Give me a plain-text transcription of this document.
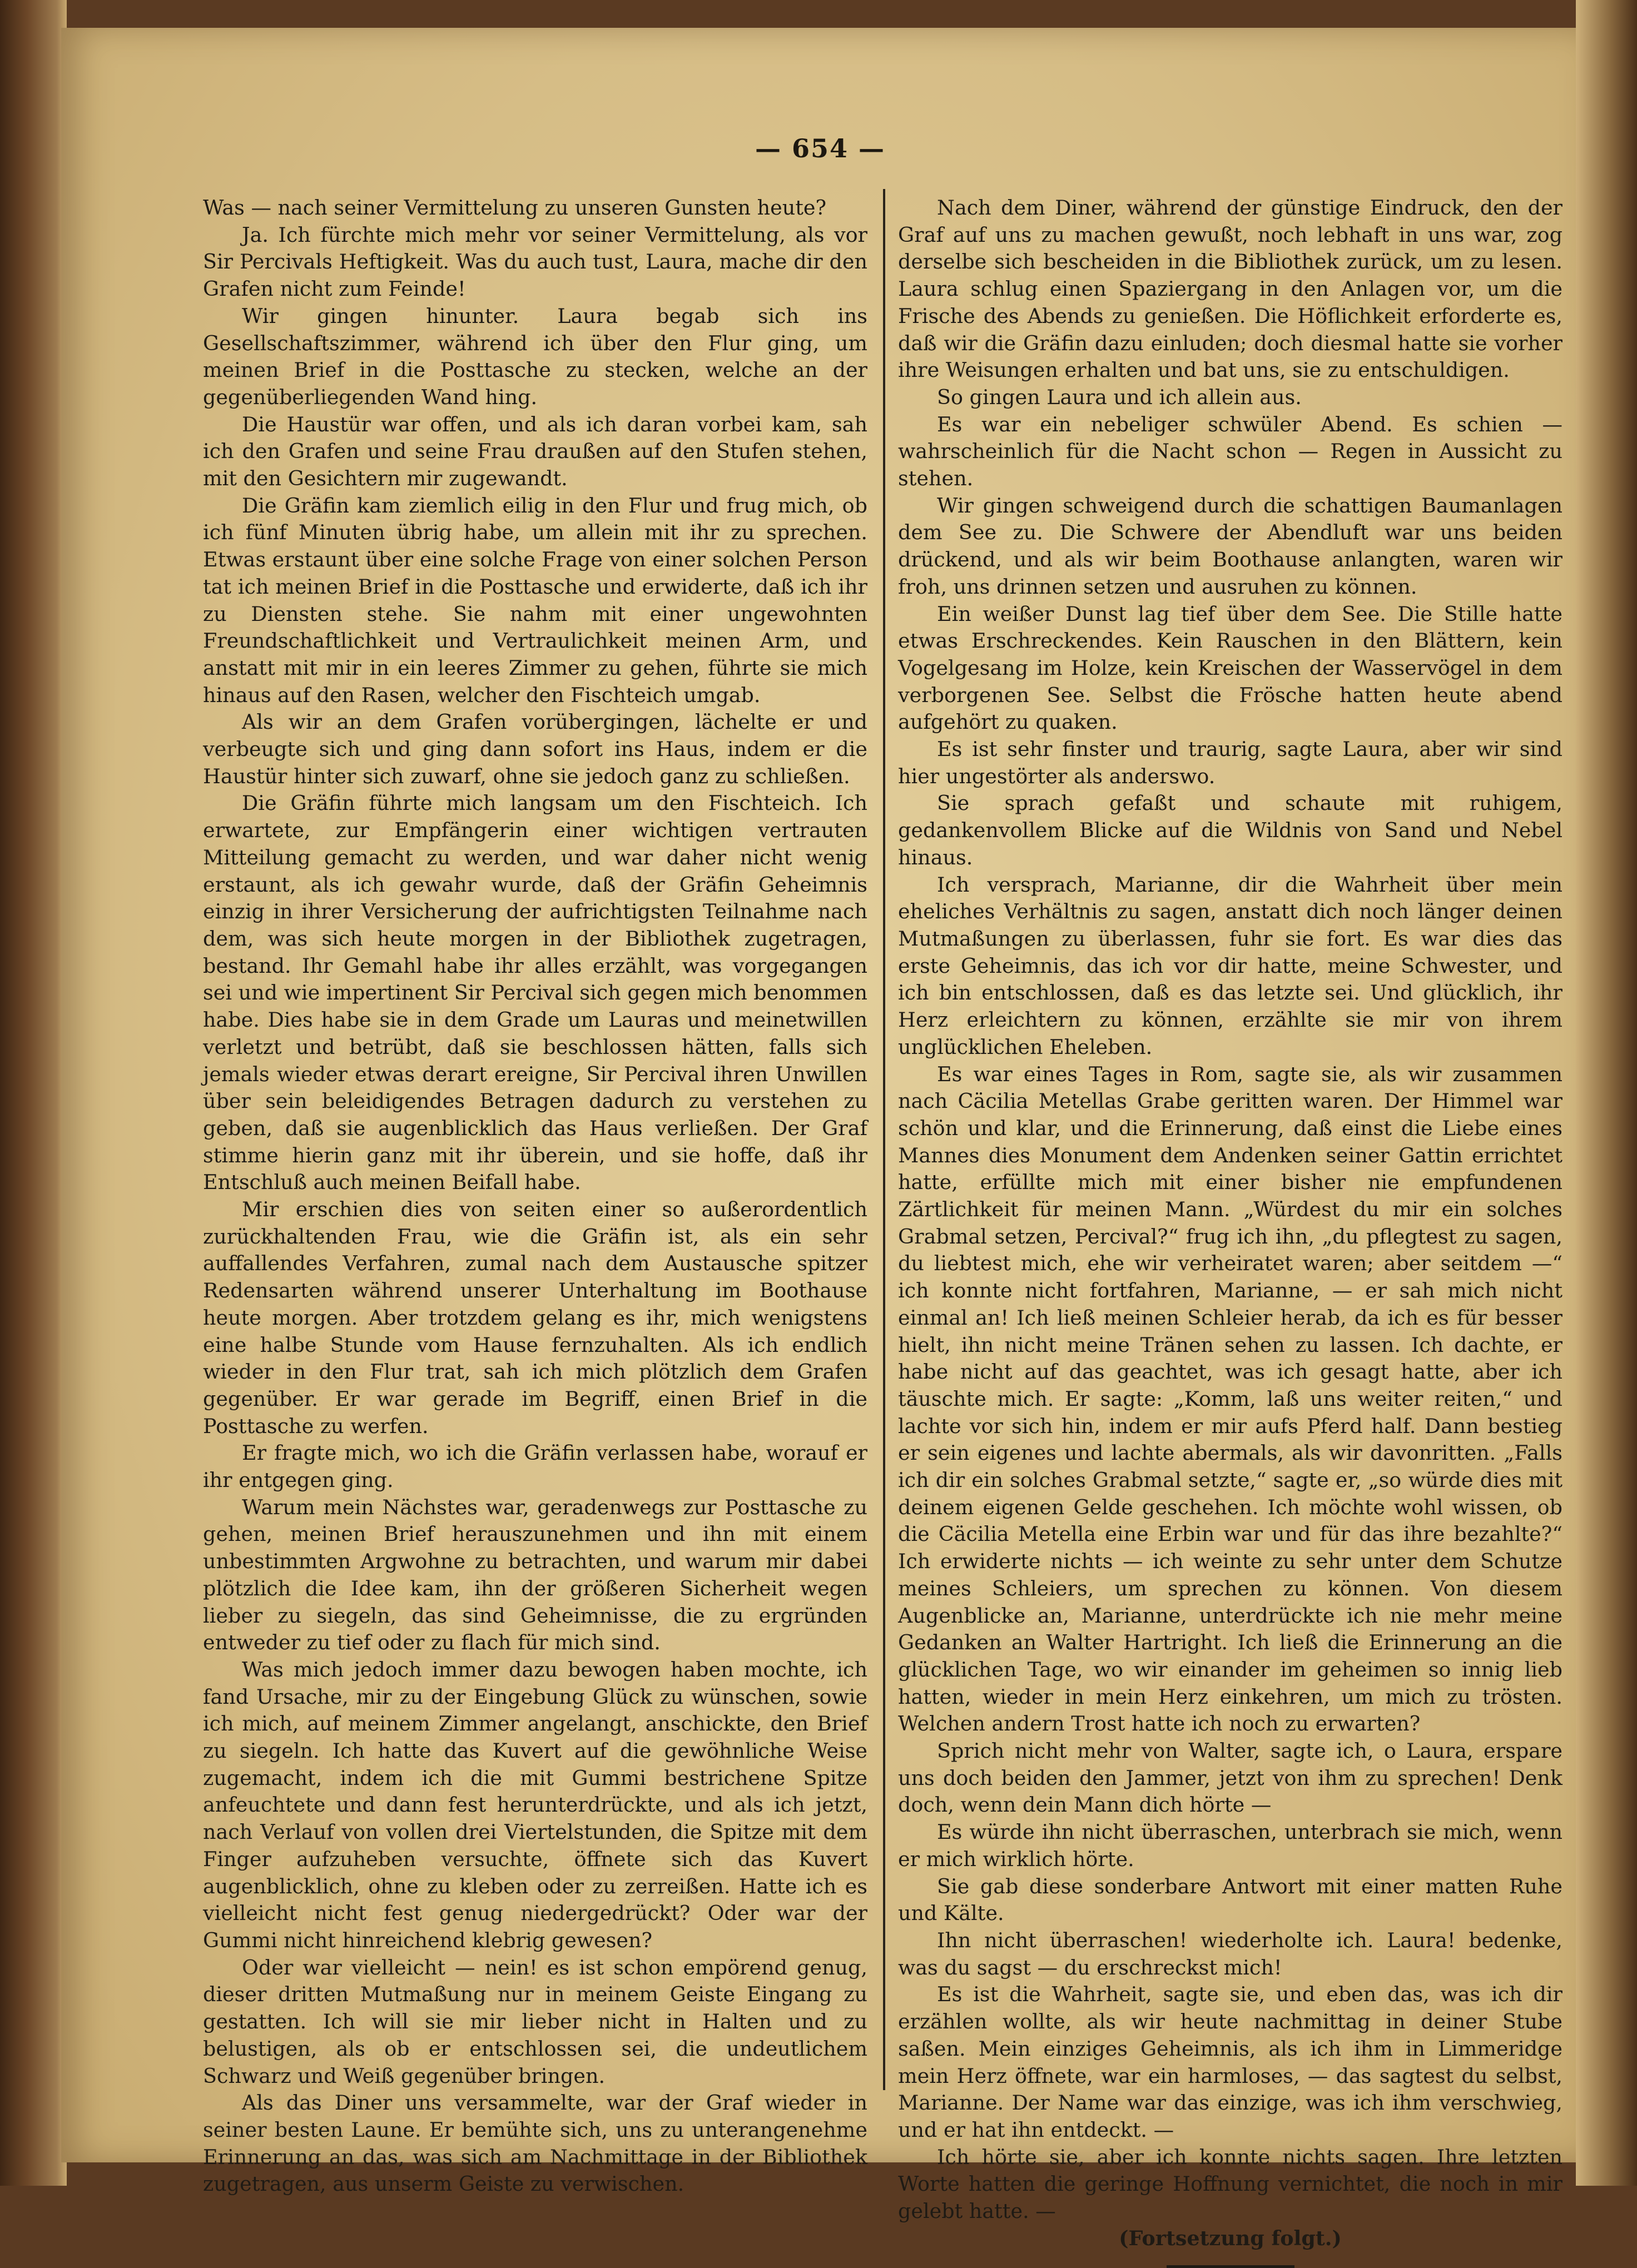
— 654 —

Was — nach seiner Vermittelung zu unseren Gunsten heute?

Ja. Ich fürchte mich mehr vor seiner Vermittelung, als vor Sir Percivals Heftigkeit. Was du auch tust, Laura, mache dir den Grafen nicht zum Feinde!

Wir gingen hinunter. Laura begab sich ins Gesellschaftszimmer, während ich über den Flur ging, um meinen Brief in die Posttasche zu stecken, welche an der gegenüberliegenden Wand hing.

Die Haustür war offen, und als ich daran vorbei kam, sah ich den Grafen und seine Frau draußen auf den Stufen stehen, mit den Gesichtern mir zugewandt.

Die Gräfin kam ziemlich eilig in den Flur und frug mich, ob ich fünf Minuten übrig habe, um allein mit ihr zu sprechen. Etwas erstaunt über eine solche Frage von einer solchen Person tat ich meinen Brief in die Posttasche und erwiderte, daß ich ihr zu Diensten stehe. Sie nahm mit einer ungewohnten Freundschaftlichkeit und Vertraulichkeit meinen Arm, und anstatt mit mir in ein leeres Zimmer zu gehen, führte sie mich hinaus auf den Rasen, welcher den Fischteich umgab.

Als wir an dem Grafen vorübergingen, lächelte er und verbeugte sich und ging dann sofort ins Haus, indem er die Haustür hinter sich zuwarf, ohne sie jedoch ganz zu schließen.

Die Gräfin führte mich langsam um den Fischteich. Ich erwartete, zur Empfängerin einer wichtigen vertrauten Mitteilung gemacht zu werden, und war daher nicht wenig erstaunt, als ich gewahr wurde, daß der Gräfin Geheimnis einzig in ihrer Versicherung der aufrichtigsten Teilnahme nach dem, was sich heute morgen in der Bibliothek zugetragen, bestand. Ihr Gemahl habe ihr alles erzählt, was vorgegangen sei und wie impertinent Sir Percival sich gegen mich benommen habe. Dies habe sie in dem Grade um Lauras und meinetwillen verletzt und betrübt, daß sie beschlossen hätten, falls sich jemals wieder etwas derart ereigne, Sir Percival ihren Unwillen über sein beleidigendes Betragen dadurch zu verstehen zu geben, daß sie augenblicklich das Haus verließen. Der Graf stimme hierin ganz mit ihr überein, und sie hoffe, daß ihr Entschluß auch meinen Beifall habe.

Mir erschien dies von seiten einer so außerordentlich zurückhaltenden Frau, wie die Gräfin ist, als ein sehr auffallendes Verfahren, zumal nach dem Austausche spitzer Redensarten während unserer Unterhaltung im Boothause heute morgen. Aber trotzdem gelang es ihr, mich wenigstens eine halbe Stunde vom Hause fernzuhalten. Als ich endlich wieder in den Flur trat, sah ich mich plötzlich dem Grafen gegenüber. Er war gerade im Begriff, einen Brief in die Posttasche zu werfen.

Er fragte mich, wo ich die Gräfin verlassen habe, worauf er ihr entgegen ging.

Warum mein Nächstes war, geradenwegs zur Posttasche zu gehen, meinen Brief herauszunehmen und ihn mit einem unbestimmten Argwohne zu betrachten, und warum mir dabei plötzlich die Idee kam, ihn der größeren Sicherheit wegen lieber zu siegeln, das sind Geheimnisse, die zu ergründen entweder zu tief oder zu flach für mich sind.

Was mich jedoch immer dazu bewogen haben mochte, ich fand Ursache, mir zu der Eingebung Glück zu wünschen, sowie ich mich, auf meinem Zimmer angelangt, anschickte, den Brief zu siegeln. Ich hatte das Kuvert auf die gewöhnliche Weise zugemacht, indem ich die mit Gummi bestrichene Spitze anfeuchtete und dann fest herunterdrückte, und als ich jetzt, nach Verlauf von vollen drei Viertelstunden, die Spitze mit dem Finger aufzuheben versuchte, öffnete sich das Kuvert augenblicklich, ohne zu kleben oder zu zerreißen. Hatte ich es vielleicht nicht fest genug niedergedrückt? Oder war der Gummi nicht hinreichend klebrig gewesen?

Oder war vielleicht — nein! es ist schon empörend genug, dieser dritten Mutmaßung nur in meinem Geiste Eingang zu gestatten. Ich will sie mir lieber nicht in Halten und zu belustigen, als ob er entschlossen sei, die undeutlichem Schwarz und Weiß gegenüber bringen.

Als das Diner uns versammelte, war der Graf wieder in seiner besten Laune. Er bemühte sich, uns zu unterangenehme Erinnerung an das, was sich am Nachmittage in der Bibliothek zugetragen, aus unserm Geiste zu verwischen.

Nach dem Diner, während der günstige Eindruck, den der Graf auf uns zu machen gewußt, noch lebhaft in uns war, zog derselbe sich bescheiden in die Bibliothek zurück, um zu lesen. Laura schlug einen Spaziergang in den Anlagen vor, um die Frische des Abends zu genießen. Die Höflichkeit erforderte es, daß wir die Gräfin dazu einluden; doch diesmal hatte sie vorher ihre Weisungen erhalten und bat uns, sie zu entschuldigen.

So gingen Laura und ich allein aus.

Es war ein nebeliger schwüler Abend. Es schien — wahrscheinlich für die Nacht schon — Regen in Aussicht zu stehen.

Wir gingen schweigend durch die schattigen Baumanlagen dem See zu. Die Schwere der Abendluft war uns beiden drückend, und als wir beim Boothause anlangten, waren wir froh, uns drinnen setzen und ausruhen zu können.

Ein weißer Dunst lag tief über dem See. Die Stille hatte etwas Erschreckendes. Kein Rauschen in den Blättern, kein Vogelgesang im Holze, kein Kreischen der Wasservögel in dem verborgenen See. Selbst die Frösche hatten heute abend aufgehört zu quaken.

Es ist sehr finster und traurig, sagte Laura, aber wir sind hier ungestörter als anderswo.

Sie sprach gefaßt und schaute mit ruhigem, gedankenvollem Blicke auf die Wildnis von Sand und Nebel hinaus.

Ich versprach, Marianne, dir die Wahrheit über mein eheliches Verhältnis zu sagen, anstatt dich noch länger deinen Mutmaßungen zu überlassen, fuhr sie fort. Es war dies das erste Geheimnis, das ich vor dir hatte, meine Schwester, und ich bin entschlossen, daß es das letzte sei. Und glücklich, ihr Herz erleichtern zu können, erzählte sie mir von ihrem unglücklichen Eheleben.

Es war eines Tages in Rom, sagte sie, als wir zusammen nach Cäcilia Metellas Grabe geritten waren. Der Himmel war schön und klar, und die Erinnerung, daß einst die Liebe eines Mannes dies Monument dem Andenken seiner Gattin errichtet hatte, erfüllte mich mit einer bisher nie empfundenen Zärtlichkeit für meinen Mann. „Würdest du mir ein solches Grabmal setzen, Percival?“ frug ich ihn, „du pflegtest zu sagen, du liebtest mich, ehe wir verheiratet waren; aber seitdem —“ ich konnte nicht fortfahren, Marianne, — er sah mich nicht einmal an! Ich ließ meinen Schleier herab, da ich es für besser hielt, ihn nicht meine Tränen sehen zu lassen. Ich dachte, er habe nicht auf das geachtet, was ich gesagt hatte, aber ich täuschte mich. Er sagte: „Komm, laß uns weiter reiten,“ und lachte vor sich hin, indem er mir aufs Pferd half. Dann bestieg er sein eigenes und lachte abermals, als wir davonritten. „Falls ich dir ein solches Grabmal setzte,“ sagte er, „so würde dies mit deinem eigenen Gelde geschehen. Ich möchte wohl wissen, ob die Cäcilia Metella eine Erbin war und für das ihre bezahlte?“ Ich erwiderte nichts — ich weinte zu sehr unter dem Schutze meines Schleiers, um sprechen zu können. Von diesem Augenblicke an, Marianne, unterdrückte ich nie mehr meine Gedanken an Walter Hartright. Ich ließ die Erinnerung an die glücklichen Tage, wo wir einander im geheimen so innig lieb hatten, wieder in mein Herz einkehren, um mich zu trösten. Welchen andern Trost hatte ich noch zu erwarten?

Sprich nicht mehr von Walter, sagte ich, o Laura, erspare uns doch beiden den Jammer, jetzt von ihm zu sprechen! Denk doch, wenn dein Mann dich hörte —

Es würde ihn nicht überraschen, unterbrach sie mich, wenn er mich wirklich hörte.

Sie gab diese sonderbare Antwort mit einer matten Ruhe und Kälte.

Ihn nicht überraschen! wiederholte ich. Laura! bedenke, was du sagst — du erschreckst mich!

Es ist die Wahrheit, sagte sie, und eben das, was ich dir erzählen wollte, als wir heute nachmittag in deiner Stube saßen. Mein einziges Geheimnis, als ich ihm in Limmeridge mein Herz öffnete, war ein harmloses, — das sagtest du selbst, Marianne. Der Name war das einzige, was ich ihm verschwieg, und er hat ihn entdeckt. —

Ich hörte sie, aber ich konnte nichts sagen. Ihre letzten Worte hatten die geringe Hoffnung vernichtet, die noch in mir gelebt hatte. —

(Fortsetzung folgt.)
